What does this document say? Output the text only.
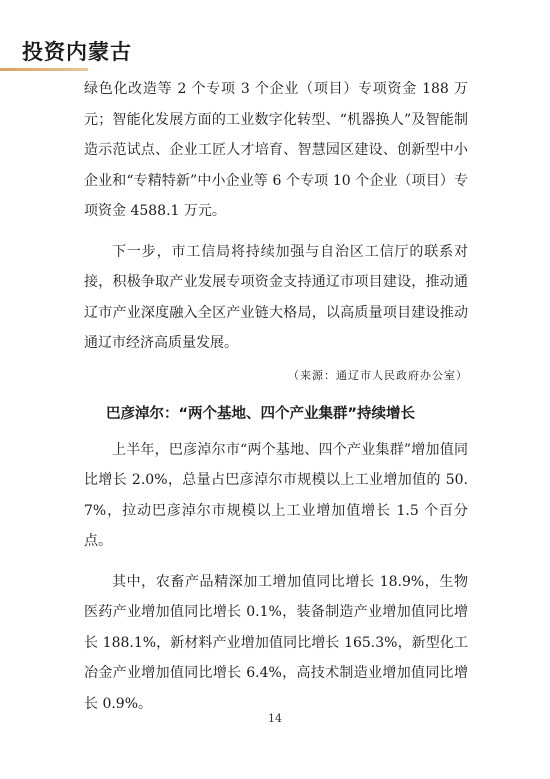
投资内蒙古

绿色化改造等 2 个专项 3 个企业（项目）专项资金 188 万元；智能化发展方面的工业数字化转型、“机器换人”及智能制造示范试点、企业工匠人才培育、智慧园区建设、创新型中小企业和“专精特新”中小企业等 6 个专项 10 个企业（项目）专项资金 4588.1 万元。

下一步，市工信局将持续加强与自治区工信厅的联系对接，积极争取产业发展专项资金支持通辽市项目建设，推动通辽市产业深度融入全区产业链大格局，以高质量项目建设推动通辽市经济高质量发展。

（来源：通辽市人民政府办公室）
巴彦淖尔：“两个基地、四个产业集群”持续增长

上半年，巴彦淖尔市“两个基地、四个产业集群”增加值同比增长 2.0%，总量占巴彦淖尔市规模以上工业增加值的 50.7%，拉动巴彦淖尔市规模以上工业增加值增长 1.5 个百分点。

其中，农畜产品精深加工增加值同比增长 18.9%，生物医药产业增加值同比增长 0.1%，装备制造产业增加值同比增长 188.1%，新材料产业增加值同比增长 165.3%，新型化工冶金产业增加值同比增长 6.4%，高技术制造业增加值同比增长 0.9%。

14
